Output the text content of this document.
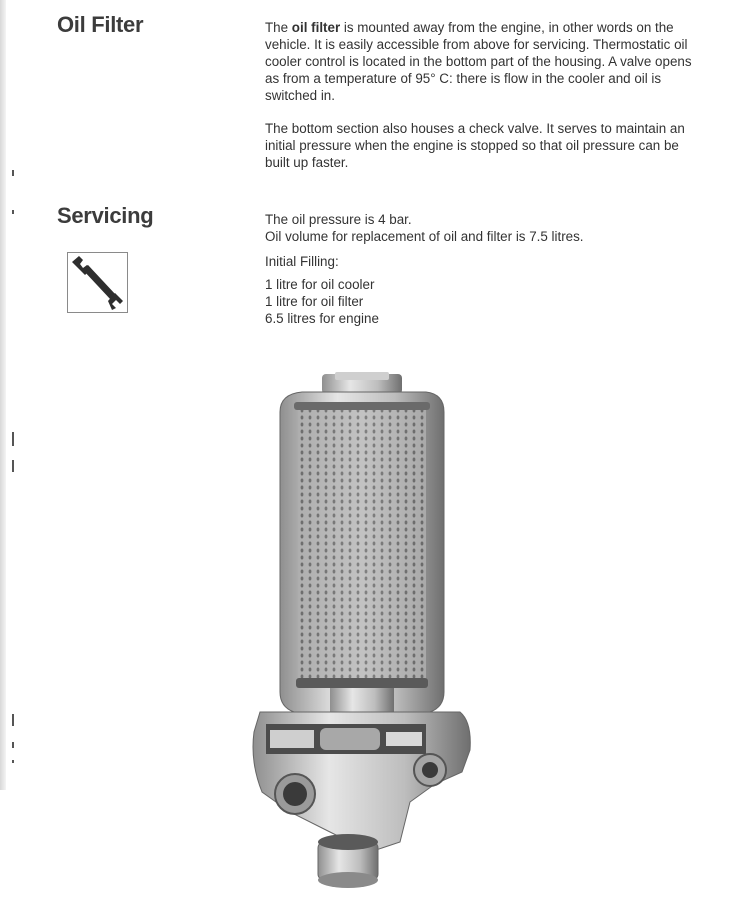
Oil Filter	The oil filter is mounted away from the engine, in other words on the vehicle. It is easily accessible from above for servicing. Thermostatic oil cooler control is located in the bottom part of the housing. A valve opens as from a temperature of 95° C: there is flow in the cooler and oil is switched in.

The bottom section also houses a check valve. It serves to maintain an initial pressure when the engine is stopped so that oil pressure can be built up faster.

Servicing	The oil pressure is 4 bar.

Oil volume for replacement of oil and filter is 7.5 litres.

Initial Filling:

1 litre for oil cooler

1 litre for oil filter

6.5 litres for engine
